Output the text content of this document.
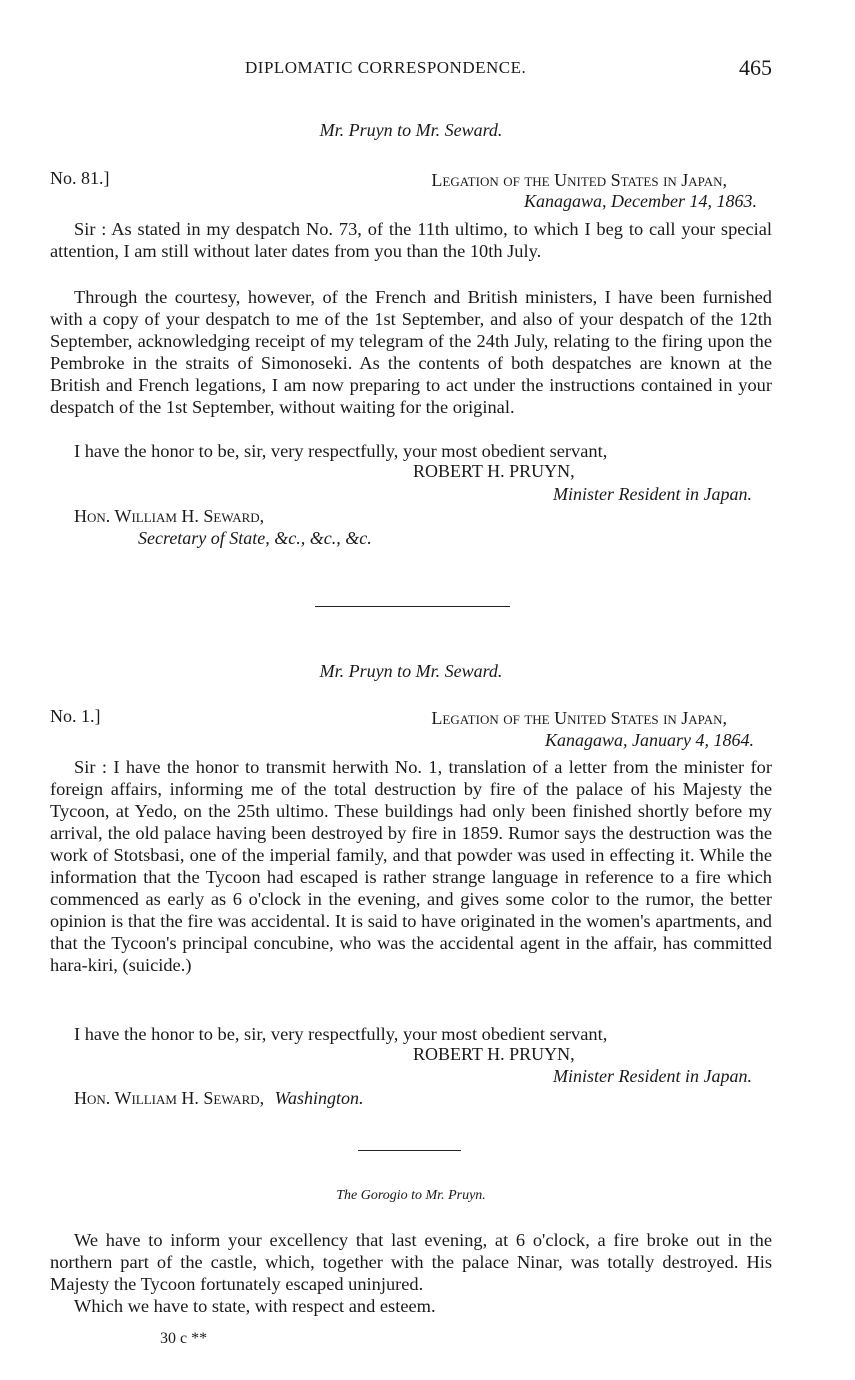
DIPLOMATIC CORRESPONDENCE.	465
Mr. Pruyn to Mr. Seward.
No. 81.]	Legation of the United States in Japan,
Kanagawa, December 14, 1863.

Sir : As stated in my despatch No. 73, of the 11th ultimo, to which I beg to call your special attention, I am still without later dates from you than the 10th July.

Through the courtesy, however, of the French and British ministers, I have been furnished with a copy of your despatch to me of the 1st September, and also of your despatch of the 12th September, acknowledging receipt of my telegram of the 24th July, relating to the firing upon the Pembroke in the straits of Simonoseki. As the contents of both despatches are known at the British and French legations, I am now preparing to act under the instructions contained in your despatch of the 1st September, without waiting for the original.

I have the honor to be, sir, very respectfully, your most obedient servant,

ROBERT H. PRUYN,
Minister Resident in Japan.
Hon. William H. Seward,
Secretary of State, &c., &c., &c.
Mr. Pruyn to Mr. Seward.
No. 1.]	Legation of the United States in Japan,
Kanagawa, January 4, 1864.

Sir : I have the honor to transmit herwith No. 1, translation of a letter from the minister for foreign affairs, informing me of the total destruction by fire of the palace of his Majesty the Tycoon, at Yedo, on the 25th ultimo. These buildings had only been finished shortly before my arrival, the old palace having been destroyed by fire in 1859. Rumor says the destruction was the work of Stotsbasi, one of the imperial family, and that powder was used in effecting it. While the information that the Tycoon had escaped is rather strange language in reference to a fire which commenced as early as 6 o'clock in the evening, and gives some color to the rumor, the better opinion is that the fire was accidental. It is said to have originated in the women's apartments, and that the Tycoon's principal concubine, who was the accidental agent in the affair, has committed hara-kiri, (suicide.)

I have the honor to be, sir, very respectfully, your most obedient servant,

ROBERT H. PRUYN,
Minister Resident in Japan.
Hon. William H. Seward, Washington.
The Gorogio to Mr. Pruyn.

We have to inform your excellency that last evening, at 6 o'clock, a fire broke out in the northern part of the castle, which, together with the palace Ninar, was totally destroyed. His Majesty the Tycoon fortunately escaped uninjured.

Which we have to state, with respect and esteem.

30 c **
